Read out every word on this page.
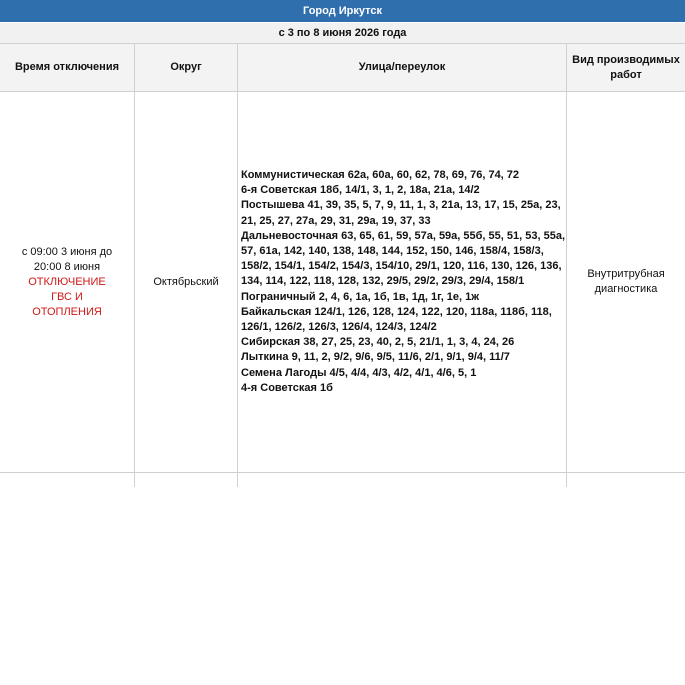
Город Иркутск
с 3 по 8 июня 2026 года
Время отключения	Округ	Улица/переулок
Вид производимых работ
с 09:00 3 июня до 20:00 8 июня
ОТКЛЮЧЕНИЕ ГВС И ОТОПЛЕНИЯ
Октябрьский
Коммунистическая 62а, 60а, 60, 62, 78, 69, 76, 74, 72
6-я Советская 18б, 14/1, 3, 1, 2, 18а, 21а, 14/2
Постышева 41, 39, 35, 5, 7, 9, 11, 1, 3, 21а, 13, 17, 15, 25а, 23, 21, 25, 27, 27а, 29, 31, 29а, 19, 37, 33
Дальневосточная 63, 65, 61, 59, 57а, 59а, 55б, 55, 51, 53, 55а, 57, 61а, 142, 140, 138, 148, 144, 152, 150, 146, 158/4, 158/3, 158/2, 154/1, 154/2, 154/3, 154/10, 29/1, 120, 116, 130, 126, 136, 134, 114, 122, 118, 128, 132, 29/5, 29/2, 29/3, 29/4, 158/1
Пограничный 2, 4, 6, 1а, 1б, 1в, 1д, 1г, 1е, 1ж
Байкальская 124/1, 126, 128, 124, 122, 120, 118а, 118б, 118, 126/1, 126/2, 126/3, 126/4, 124/3, 124/2
Сибирская 38, 27, 25, 23, 40, 2, 5, 21/1, 1, 3, 4, 24, 26
Лыткина 9, 11, 2, 9/2, 9/6, 9/5, 11/6, 2/1, 9/1, 9/4, 11/7
Семена Лагоды 4/5, 4/4, 4/3, 4/2, 4/1, 4/6, 5, 1
4-я Советская 1б
Внутритрубная диагностика
